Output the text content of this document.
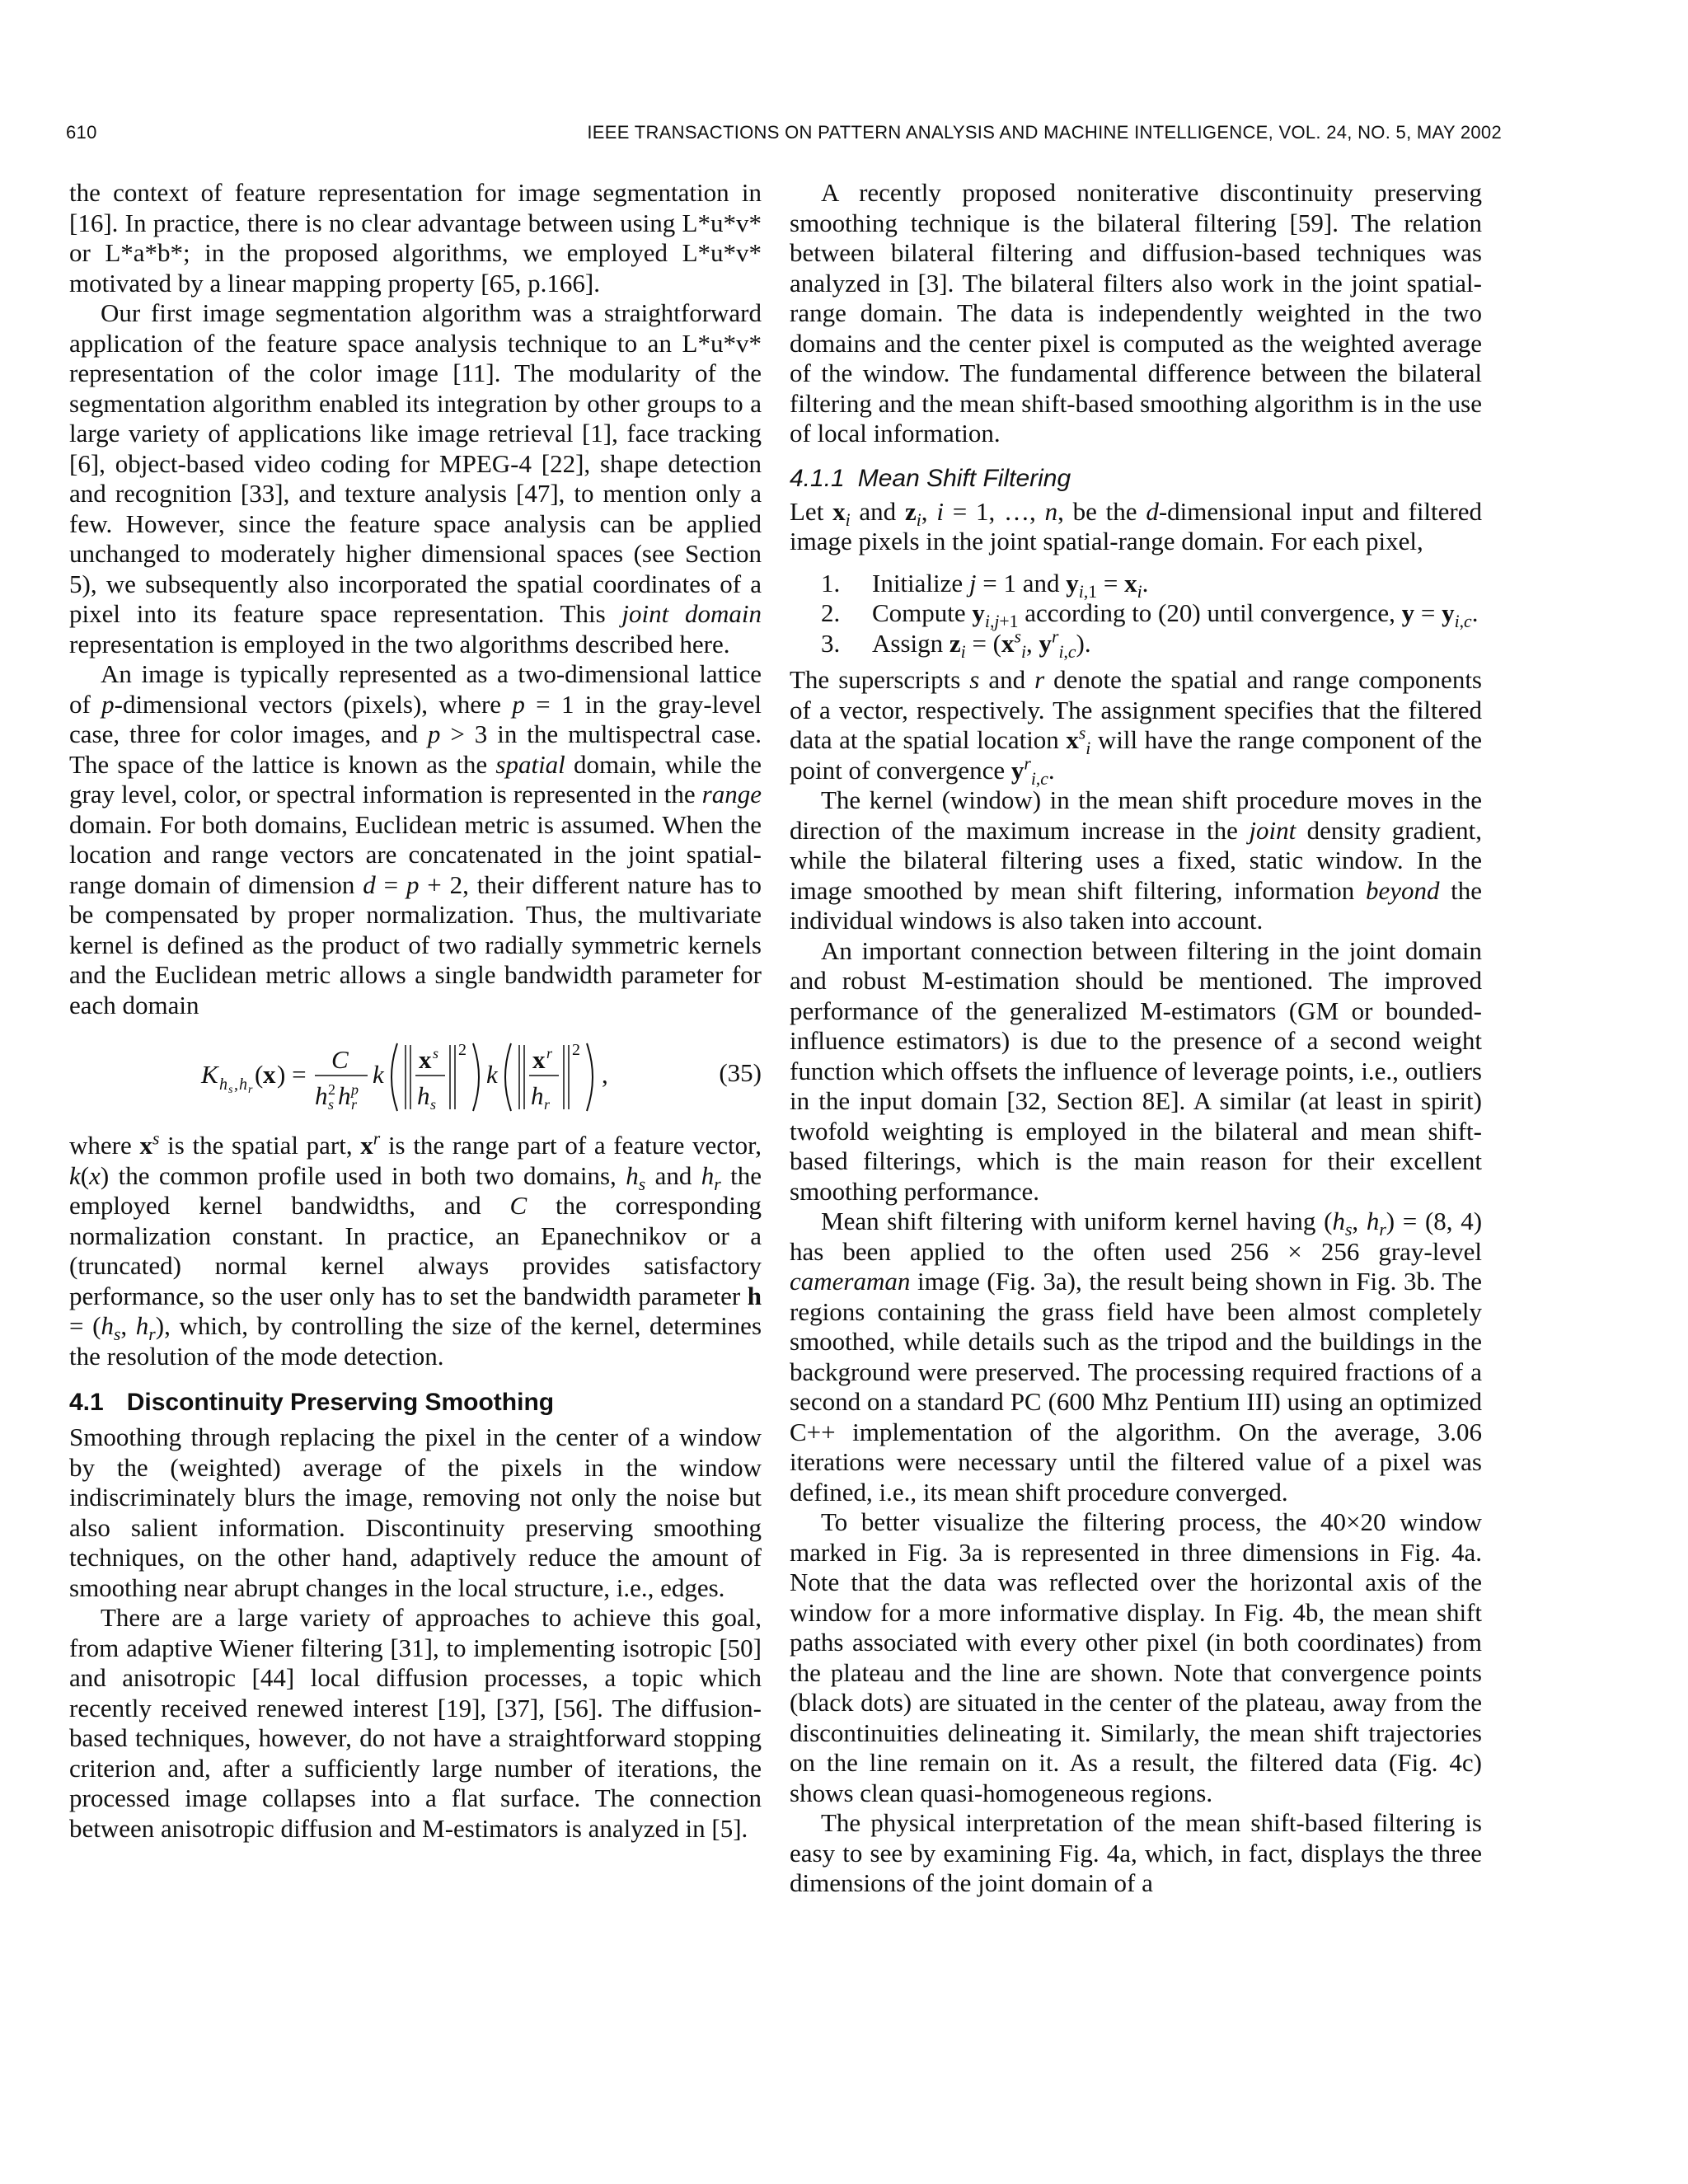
610	IEEE TRANSACTIONS ON PATTERN ANALYSIS AND MACHINE INTELLIGENCE, VOL. 24, NO. 5, MAY 2002

the context of feature representation for image segmentation in [16]. In practice, there is no clear advantage between using L*u*v* or L*a*b*; in the proposed algorithms, we employed L*u*v* motivated by a linear mapping property [65, p.166].

Our first image segmentation algorithm was a straightforward application of the feature space analysis technique to an L*u*v* representation of the color image [11]. The modularity of the segmentation algorithm enabled its integration by other groups to a large variety of applications like image retrieval [1], face tracking [6], object-based video coding for MPEG-4 [22], shape detection and recognition [33], and texture analysis [47], to mention only a few. However, since the feature space analysis can be applied unchanged to moderately higher dimensional spaces (see Section 5), we subsequently also incorporated the spatial coordinates of a pixel into its feature space representation. This joint domain representation is employed in the two algorithms described here.

An image is typically represented as a two-dimensional lattice of p-dimensional vectors (pixels), where p = 1 in the gray-level case, three for color images, and p > 3 in the multispectral case. The space of the lattice is known as the spatial domain, while the gray level, color, or spectral information is represented in the range domain. For both domains, Euclidean metric is assumed. When the location and range vectors are concatenated in the joint spatial-range domain of dimension d = p + 2, their different nature has to be compensated by proper normalization. Thus, the multivariate kernel is defined as the product of two radially symmetric kernels and the Euclidean metric allows a single bandwidth parameter for each domain

K h s , h r
( x ) =
C
h s
2 h r
p
k
x s
h s
2
k
x r
h r
2
,	(35)

where $x^s$ is the spatial part, $x^r$ is the range part of a feature vector, k(x) the common profile used in both two domains, $h_s$ and $h_r$ the employed kernel bandwidths, and C the corresponding normalization constant. In practice, an Epanechnikov or a (truncated) normal kernel always provides satisfactory performance, so the user only has to set the bandwidth parameter $h = (h_s$, $h_r$), which, by controlling the size of the kernel, determines the resolution of the mode detection.

4.1 Discontinuity Preserving Smoothing

Smoothing through replacing the pixel in the center of a window by the (weighted) average of the pixels in the window indiscriminately blurs the image, removing not only the noise but also salient information. Discontinuity preserving smoothing techniques, on the other hand, adaptively reduce the amount of smoothing near abrupt changes in the local structure, i.e., edges.

There are a large variety of approaches to achieve this goal, from adaptive Wiener filtering [31], to implementing isotropic [50] and anisotropic [44] local diffusion processes, a topic which recently received renewed interest [19], [37], [56]. The diffusion-based techniques, however, do not have a straightforward stopping criterion and, after a sufficiently large number of iterations, the processed image collapses into a flat surface. The connection between anisotropic diffusion and M-estimators is analyzed in [5].

A recently proposed noniterative discontinuity preserving smoothing technique is the bilateral filtering [59]. The relation between bilateral filtering and diffusion-based techniques was analyzed in [3]. The bilateral filters also work in the joint spatial-range domain. The data is independently weighted in the two domains and the center pixel is computed as the weighted average of the window. The fundamental difference between the bilateral filtering and the mean shift-based smoothing algorithm is in the use of local information.

4.1.1 Mean Shift Filtering

Let $x_i$ and $z_i$, i = 1, …, n, be the d-dimensional input and filtered image pixels in the joint spatial-range domain. For each pixel,

1. Initialize j = 1 and $y_{i,1} = x_i$.
2. Compute $y_{i,j+1}$ according to (20) until convergence, $y = y_{i,c}$.
3. Assign $z_i = (x^s_i$, $y^r_{i,c}$).

The superscripts s and r denote the spatial and range components of a vector, respectively. The assignment specifies that the filtered data at the spatial location $x^s_i$ will have the range component of the point of convergence $y^r_{i,c}$.

The kernel (window) in the mean shift procedure moves in the direction of the maximum increase in the joint density gradient, while the bilateral filtering uses a fixed, static window. In the image smoothed by mean shift filtering, information beyond the individual windows is also taken into account.

An important connection between filtering in the joint domain and robust M-estimation should be mentioned. The improved performance of the generalized M-estimators (GM or bounded-influence estimators) is due to the presence of a second weight function which offsets the influence of leverage points, i.e., outliers in the input domain [32, Section 8E]. A similar (at least in spirit) twofold weighting is employed in the bilateral and mean shift-based filterings, which is the main reason for their excellent smoothing performance.

Mean shift filtering with uniform kernel having ($h_s$, $h_r) = (8$, 4) has been applied to the often used 256 × 256 gray-level cameraman image (Fig. 3a), the result being shown in Fig. 3b. The regions containing the grass field have been almost completely smoothed, while details such as the tripod and the buildings in the background were preserved. The processing required fractions of a second on a standard PC (600 Mhz Pentium III) using an optimized C++ implementation of the algorithm. On the average, 3.06 iterations were necessary until the filtered value of a pixel was defined, i.e., its mean shift procedure converged.

To better visualize the filtering process, the 40×20 window marked in Fig. 3a is represented in three dimensions in Fig. 4a. Note that the data was reflected over the horizontal axis of the window for a more informative display. In Fig. 4b, the mean shift paths associated with every other pixel (in both coordinates) from the plateau and the line are shown. Note that convergence points (black dots) are situated in the center of the plateau, away from the discontinuities delineating it. Similarly, the mean shift trajectories on the line remain on it. As a result, the filtered data (Fig. 4c) shows clean quasi-homogeneous regions.

The physical interpretation of the mean shift-based filtering is easy to see by examining Fig. 4a, which, in fact, displays the three dimensions of the joint domain of a
